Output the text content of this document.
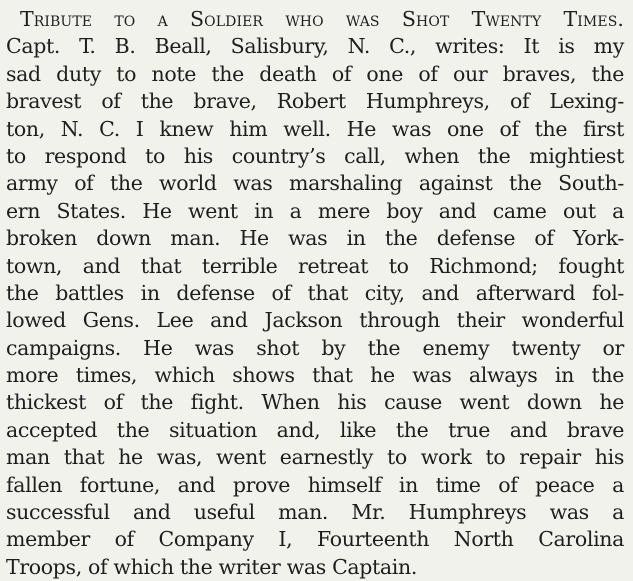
Tribute to a Soldier who was Shot Twenty Times.
Capt. T. B. Beall, Salisbury, N. C., writes: It is my
sad duty to note the death of one of our braves, the
bravest of the brave, Robert Humphreys, of Lexing-
ton, N. C. I knew him well. He was one of the first
to respond to his country’s call, when the mightiest
army of the world was marshaling against the South-
ern States. He went in a mere boy and came out a
broken down man. He was in the defense of York-
town, and that terrible retreat to Richmond; fought
the battles in defense of that city, and afterward fol-
lowed Gens. Lee and Jackson through their wonderful
campaigns. He was shot by the enemy twenty or
more times, which shows that he was always in the
thickest of the fight. When his cause went down he
accepted the situation and, like the true and brave
man that he was, went earnestly to work to repair his
fallen fortune, and prove himself in time of peace a
successful and useful man. Mr. Humphreys was a
member of Company I, Fourteenth North Carolina
Troops, of which the writer was Captain.
